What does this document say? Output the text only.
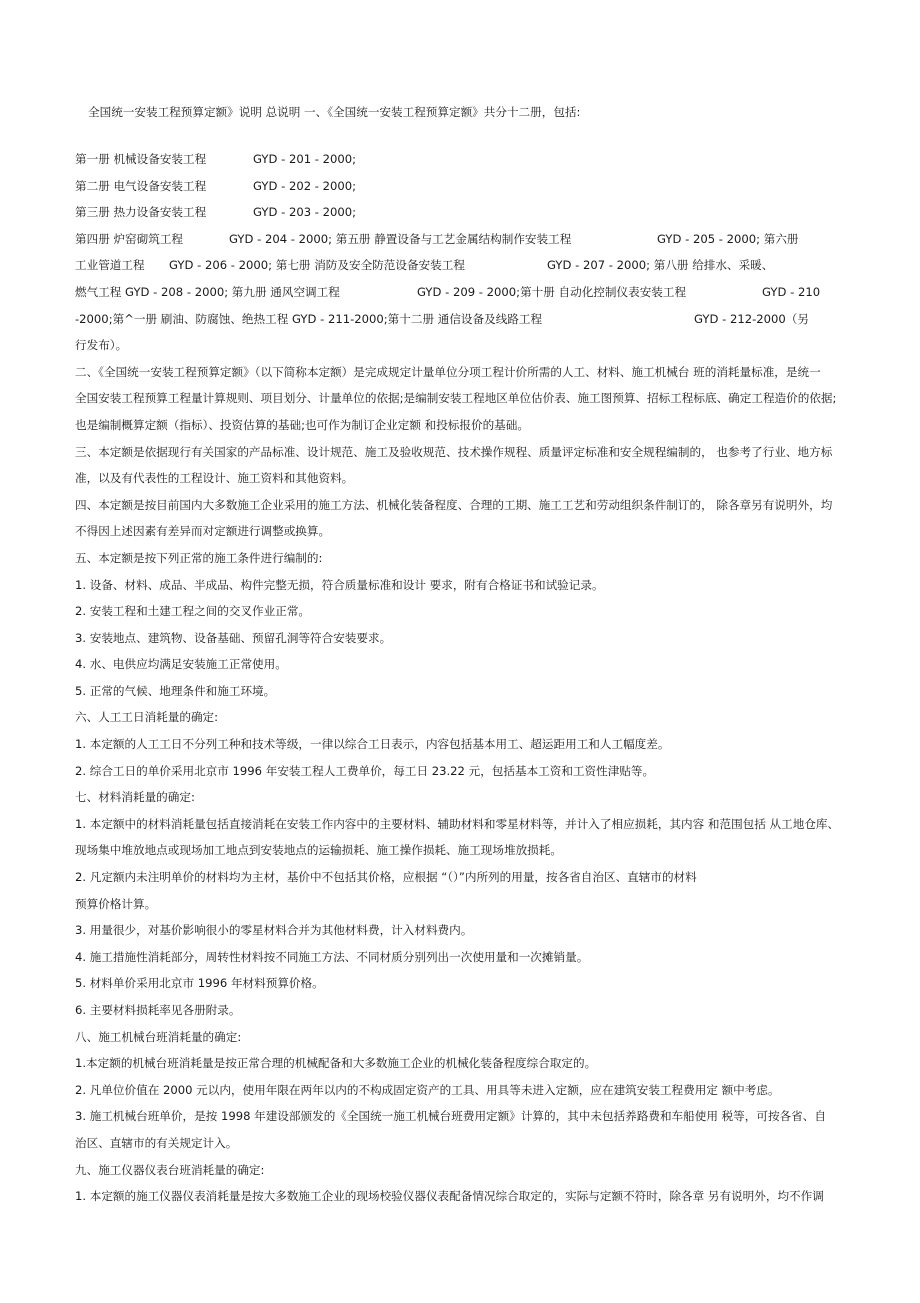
全国统一安装工程预算定额》说明 总说明 一、《全国统一安装工程预算定额》共分十二册，包括:
第一册 机械设备安装工程	GYD - 201 - 2000;
第二册 电气设备安装工程	GYD - 202 - 2000;
第三册 热力设备安装工程	GYD - 203 - 2000;
第四册 炉窑砌筑工程	GYD - 204 - 2000; 第五册 静置设备与工艺金属结构制作安装工程	GYD - 205 - 2000; 第六册
工业管道工程 GYD - 206 - 2000; 第七册 消防及安全防范设备安装工程	GYD - 207 - 2000; 第八册 给排水、采暖、
燃气工程 GYD - 208 - 2000; 第九册 通风空调工程	GYD - 209 - 2000;第十册 自动化控制仪表安装工程	GYD - 210
-2000;第^一册 刷油、防腐蚀、绝热工程 GYD - 211-2000;第十二册 通信设备及线路工程	GYD - 212-2000（另
行发布）。
二、《全国统一安装工程预算定额》（以下简称本定额）是完成规定计量单位分项工程计价所需的人工、材料、施工机械台 班的消耗量标准，是统一
全国安装工程预算工程量计算规则、项目划分、计量单位的依据;是编制安装工程地区单位估价表、施工图预算、招标工程标底、确定工程造价的依据;
也是编制概算定额（指标）、投资估算的基础;也可作为制订企业定额 和投标报价的基础。
三、本定额是依据现行有关国家的产品标准、设计规范、施工及验收规范、技术操作规程、质量评定标准和安全规程编制的， 也参考了行业、地方标
准，以及有代表性的工程设计、施工资料和其他资料。
四、本定额是按目前国内大多数施工企业采用的施工方法、机械化装备程度、合理的工期、施工工艺和劳动组织条件制订的， 除各章另有说明外，均
不得因上述因素有差异而对定额进行调整或换算。
五、本定额是按下列正常的施工条件进行编制的:
1. 设备、材料、成品、半成品、构件完整无损，符合质量标准和设计 要求，附有合格证书和试验记录。
2. 安装工程和土建工程之间的交叉作业正常。
3. 安装地点、建筑物、设备基础、预留孔洞等符合安装要求。
4. 水、电供应均满足安装施工正常使用。
5. 正常的气候、地理条件和施工环境。
六、人工工日消耗量的确定:
1. 本定额的人工工日不分列工种和技术等级，一律以综合工日表示，内容包括基本用工、超运距用工和人工幅度差。
2. 综合工日的单价采用北京市 1996 年安装工程人工费单价，每工日 23.22 元，包括基本工资和工资性津贴等。
七、材料消耗量的确定:
1. 本定额中的材料消耗量包括直接消耗在安装工作内容中的主要材料、辅助材料和零星材料等，并计入了相应损耗，其内容 和范围包括 从工地仓库、
现场集中堆放地点或现场加工地点到安装地点的运输损耗、施工操作损耗、施工现场堆放损耗。
2. 凡定额内未注明单价的材料均为主材，基价中不包括其价格，应根据 “（）”内所列的用量，按各省自治区、直辖市的材料
预算价格计算。
3. 用量很少，对基价影响很小的零星材料合并为其他材料费，计入材料费内。
4. 施工措施性消耗部分，周转性材料按不同施工方法、不同材质分别列出一次使用量和一次摊销量。
5. 材料单价采用北京市 1996 年材料预算价格。
6. 主要材料损耗率见各册附录。
八、施工机械台班消耗量的确定:
1.本定额的机械台班消耗量是按正常合理的机械配备和大多数施工企业的机械化装备程度综合取定的。
2. 凡单位价值在 2000 元以内，使用年限在两年以内的不构成固定资产的工具、用具等未进入定额，应在建筑安装工程费用定 额中考虑。
3. 施工机械台班单价，是按 1998 年建设部颁发的《全国统一施工机械台班费用定额》计算的，其中未包括养路费和车船使用 税等，可按各省、自
治区、直辖市的有关规定计入。
九、施工仪器仪表台班消耗量的确定:
1. 本定额的施工仪器仪表消耗量是按大多数施工企业的现场校验仪器仪表配备情况综合取定的，实际与定额不符时，除各章 另有说明外，均不作调
